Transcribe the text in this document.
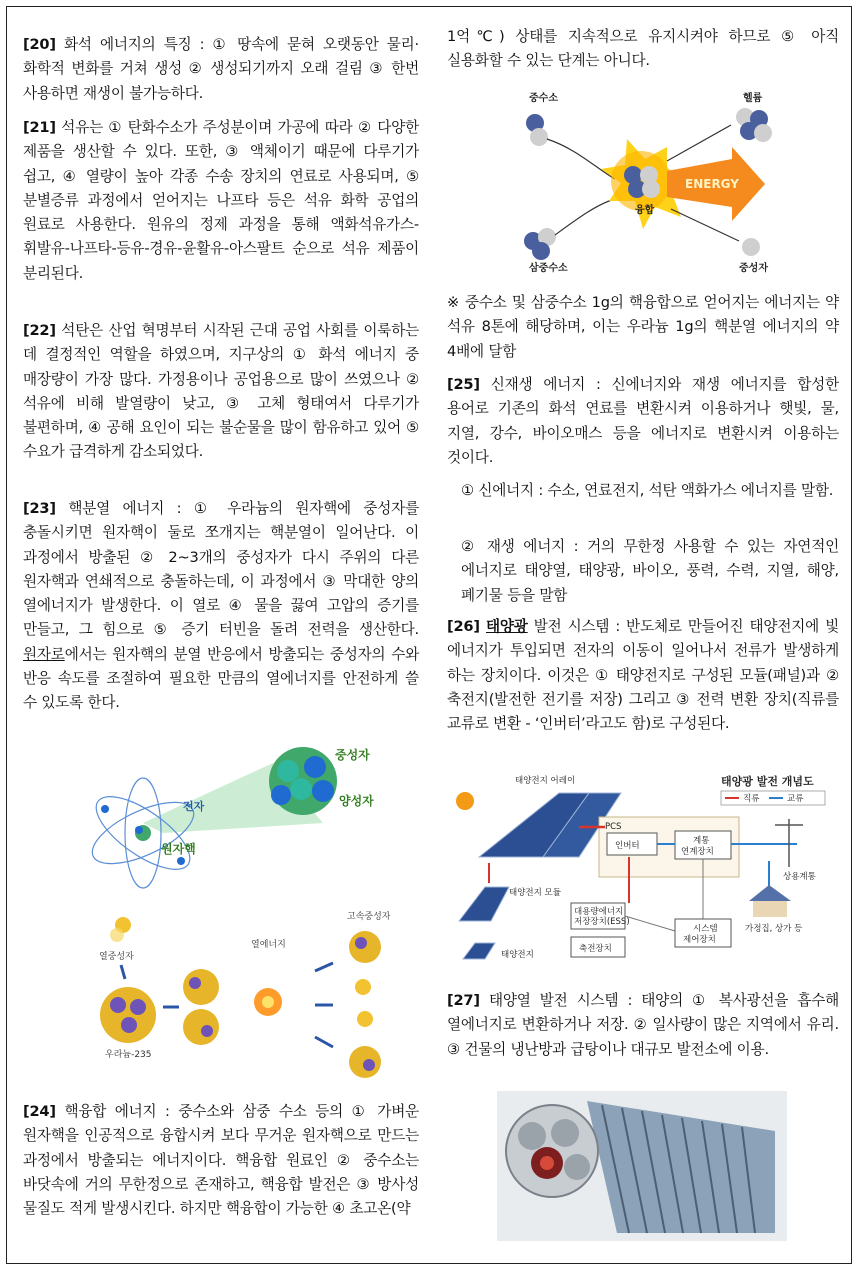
[20] 화석 에너지의 특징 : ① 땅속에 묻혀 오랫동안 물리·화학적 변화를 거쳐 생성 ② 생성되기까지 오래 걸림 ③ 한번 사용하면 재생이 불가능하다.

[21] 석유는 ① 탄화수소가 주성분이며 가공에 따라 ② 다양한 제품을 생산할 수 있다. 또한, ③ 액체이기 때문에 다루기가 쉽고, ④ 열량이 높아 각종 수송 장치의 연료로 사용되며, ⑤ 분별증류 과정에서 얻어지는 나프타 등은 석유 화학 공업의 원료로 사용한다. 원유의 정제 과정을 통해 액화석유가스-휘발유-나프타-등유-경유-윤활유-아스팔트 순으로 석유 제품이 분리된다.

[22] 석탄은 산업 혁명부터 시작된 근대 공업 사회를 이룩하는 데 결정적인 역할을 하였으며, 지구상의 ① 화석 에너지 중 매장량이 가장 많다. 가정용이나 공업용으로 많이 쓰였으나 ② 석유에 비해 발열량이 낮고, ③ 고체 형태여서 다루기가 불편하며, ④ 공해 요인이 되는 불순물을 많이 함유하고 있어 ⑤ 수요가 급격하게 감소되었다.

[23] 핵분열 에너지 : ① 우라늄의 원자핵에 중성자를 충돌시키면 원자핵이 둘로 쪼개지는 핵분열이 일어난다. 이 과정에서 방출된 ② 2~3개의 중성자가 다시 주위의 다른 원자핵과 연쇄적으로 충돌하는데, 이 과정에서 ③ 막대한 양의 열에너지가 발생한다. 이 열로 ④ 물을 끓여 고압의 증기를 만들고, 그 힘으로 ⑤ 증기 터빈을 돌려 전력을 생산한다. 원자로에서는 원자핵의 분열 반응에서 방출되는 중성자의 수와 반응 속도를 조절하여 필요한 만큼의 열에너지를 안전하게 쓸 수 있도록 한다.

전자
원자핵
중성자
양성자
열중성자
우라늄-235
열에너지
고속중성자

[24] 핵융합 에너지 : 중수소와 삼중 수소 등의 ① 가벼운 원자핵을 인공적으로 융합시켜 보다 무거운 원자핵으로 만드는 과정에서 방출되는 에너지이다. 핵융합 원료인 ② 중수소는 바닷속에 거의 무한정으로 존재하고, 핵융합 발전은 ③ 방사성 물질도 적게 발생시킨다. 하지만 핵융합이 가능한 ④ 초고온(약

1억℃) 상태를 지속적으로 유지시켜야 하므로 ⑤ 아직 실용화할 수 있는 단계는 아니다.

중수소
삼중수소
융합
ENERGY
헬륨
중성자

※ 중수소 및 삼중수소 1g의 핵융합으로 얻어지는 에너지는 약 석유 8톤에 해당하며, 이는 우라늄 1g의 핵분열 에너지의 약 4배에 달함

[25] 신재생 에너지 : 신에너지와 재생 에너지를 합성한 용어로 기존의 화석 연료를 변환시켜 이용하거나 햇빛, 물, 지열, 강수, 바이오매스 등을 에너지로 변환시켜 이용하는 것이다.

① 신에너지 : 수소, 연료전지, 석탄 액화가스 에너지를 말함.

② 재생 에너지 : 거의 무한정 사용할 수 있는 자연적인 에너지로 태양열, 태양광, 바이오, 풍력, 수력, 지열, 해양, 폐기물 등을 말함

[26] 태양광 발전 시스템 : 반도체로 만들어진 태양전지에 빛 에너지가 투입되면 전자의 이동이 일어나서 전류가 발생하게 하는 장치이다. 이것은 ① 태양전지로 구성된 모듈(패널)과 ② 축전지(발전한 전기를 저장) 그리고 ③ 전력 변환 장치(직류를 교류로 변환 - ‘인버터’라고도 함)로 구성된다.

태양광 발전 개념도
직류	교류
태양전지 어레이
태양전지 모듈
태양전지
PCS
인버터	계통 연계장치
상용계통
가정집, 상가 등
대용량에너지 저장장치(ESS)
축전장치
시스템 제어장치

[27] 태양열 발전 시스템 : 태양의 ① 복사광선을 흡수해 열에너지로 변환하거나 저장. ② 일사량이 많은 지역에서 유리. ③ 건물의 냉난방과 급탕이나 대규모 발전소에 이용.
